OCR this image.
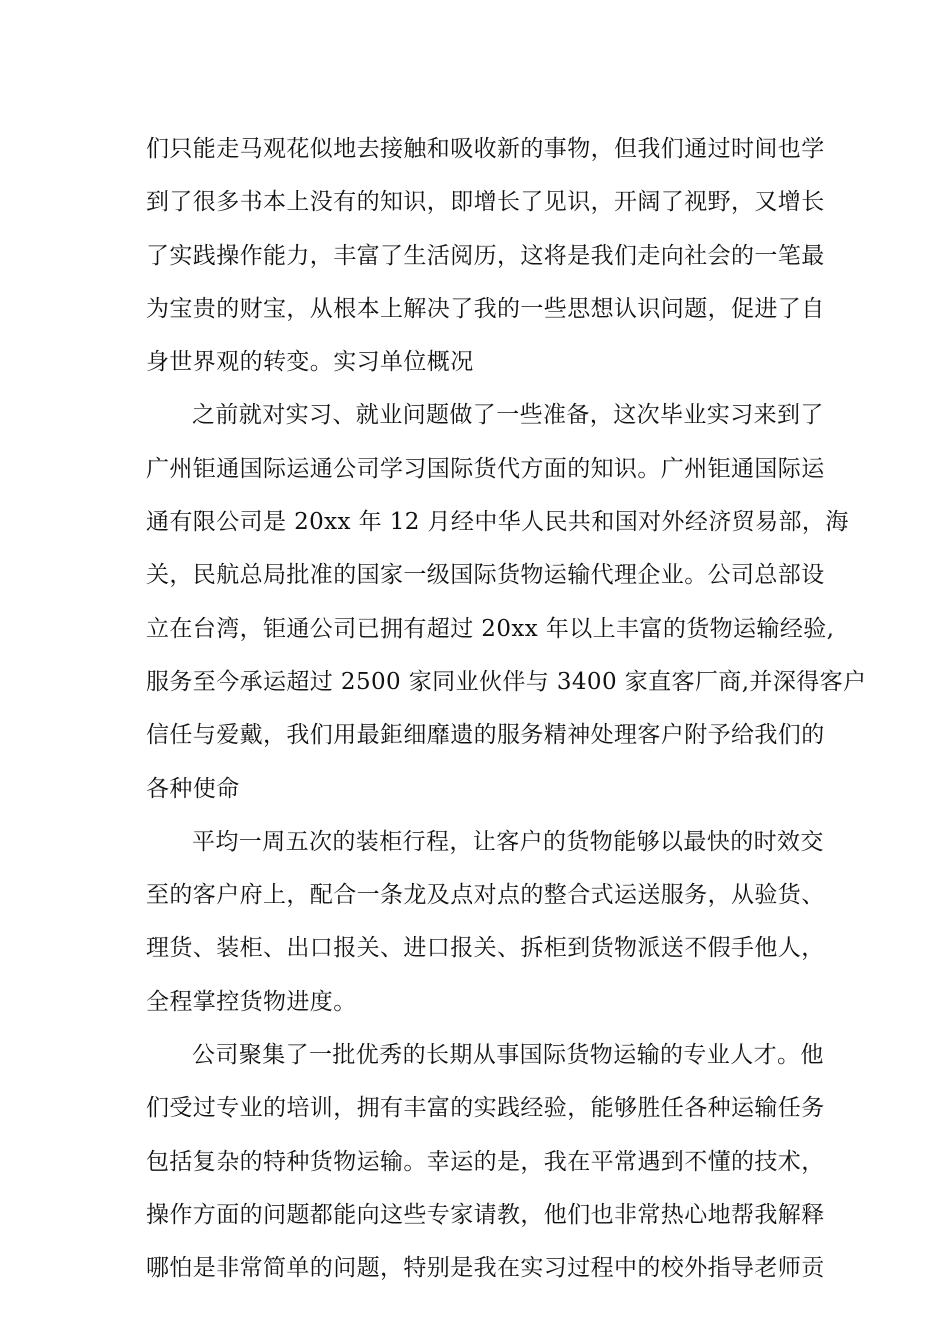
们只能走马观花似地去接触和吸收新的事物，但我们通过时间也学
到了很多书本上没有的知识，即增长了见识，开阔了视野，又增长
了实践操作能力，丰富了生活阅历，这将是我们走向社会的一笔最
为宝贵的财宝，从根本上解决了我的一些思想认识问题，促进了自
身世界观的转变。实习单位概况
之前就对实习、就业问题做了一些准备，这次毕业实习来到了
广州钜通国际运通公司学习国际货代方面的知识。广州钜通国际运
通有限公司是 20xx 年 12 月经中华人民共和国对外经济贸易部，海
关，民航总局批准的国家一级国际货物运输代理企业。公司总部设
立在台湾，钜通公司已拥有超过 20xx 年以上丰富的货物运输经验,
服务至今承运超过 2500 家同业伙伴与 3400 家直客厂商,并深得客户
信任与爱戴，我们用最鉅细靡遗的服务精神处理客户附予给我们的
各种使命
平均一周五次的装柜行程，让客户的货物能够以最快的时效交
至的客户府上，配合一条龙及点对点的整合式运送服务，从验货、
理货、装柜、出口报关、进口报关、拆柜到货物派送不假手他人，
全程掌控货物进度。
公司聚集了一批优秀的长期从事国际货物运输的专业人才。他
们受过专业的培训，拥有丰富的实践经验，能够胜任各种运输任务
包括复杂的特种货物运输。幸运的是，我在平常遇到不懂的技术，
操作方面的问题都能向这些专家请教，他们也非常热心地帮我解释
哪怕是非常简单的问题，特别是我在实习过程中的校外指导老师贡
